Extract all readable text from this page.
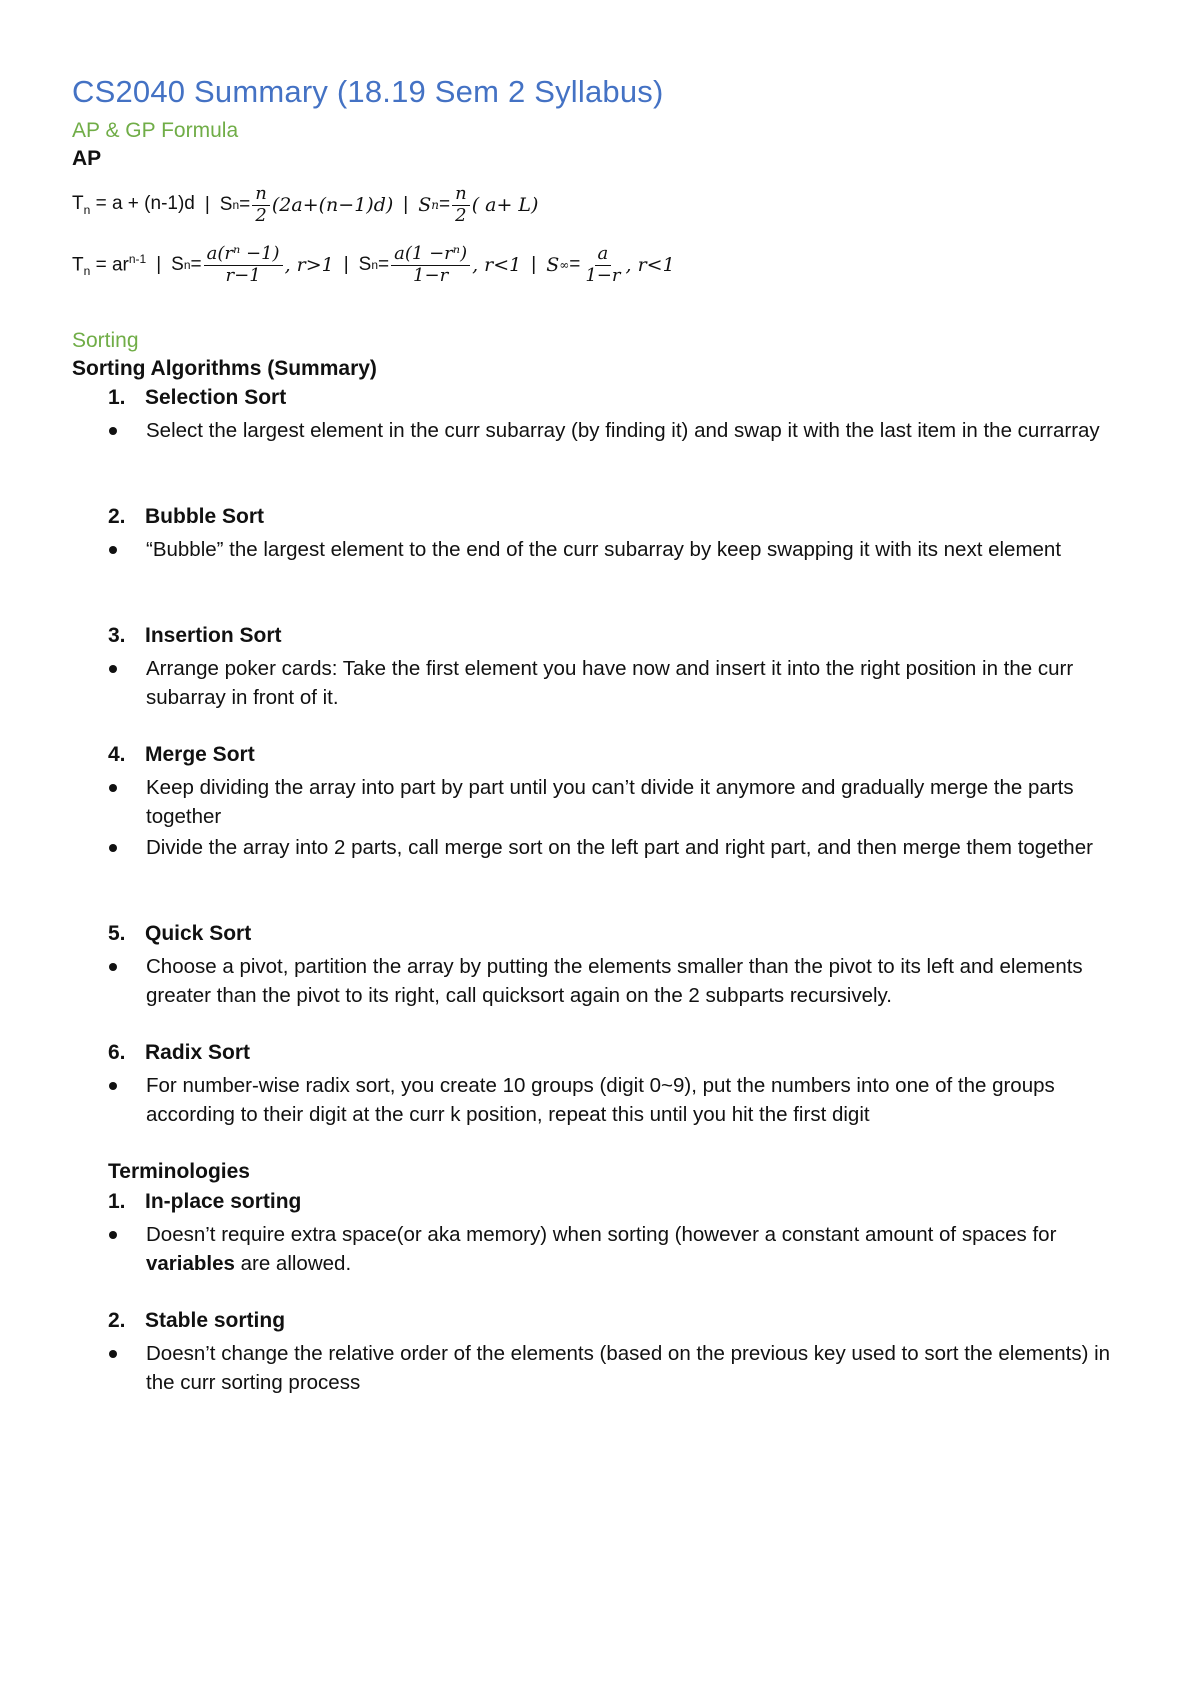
CS2040 Summary (18.19 Sem 2 Syllabus)
AP & GP Formula
AP
$T_n = a + (n-1)d$ | S $n = \frac{n}{2} (2a+(n-1)d)$ | S $n = \frac{n}{2}$ ( a+ L)
$T_n = ar^{n-1}$ | S $n = \frac{\text{a(rⁿ −1)}}{r-1}$ , r>1 | S $n = \frac{\text{a(1 −rⁿ)}}{1-r}$ , r<1 | S ∞ = $\frac{a}{1-r}$ , r<1
Sorting
Sorting Algorithms (Summary)
1. Selection Sort
Select the largest element in the curr subarray (by finding it) and swap it with the last item in the currarray
2. Bubble Sort
“Bubble” the largest element to the end of the curr subarray by keep swapping it with its next element
3. Insertion Sort
Arrange poker cards: Take the first element you have now and insert it into the right position in the curr subarray in front of it.
4. Merge Sort
Keep dividing the array into part by part until you can’t divide it anymore and gradually merge the parts together
Divide the array into 2 parts, call merge sort on the left part and right part, and then merge them together
5. Quick Sort
Choose a pivot, partition the array by putting the elements smaller than the pivot to its left and elements greater than the pivot to its right, call quicksort again on the 2 subparts recursively.
6. Radix Sort
For number-wise radix sort, you create 10 groups (digit 0~9), put the numbers into one of the groups according to their digit at the curr k position, repeat this until you hit the first digit
Terminologies
1. In-place sorting
Doesn’t require extra space(or aka memory) when sorting (however a constant amount of spaces for variables are allowed.
2. Stable sorting
Doesn’t change the relative order of the elements (based on the previous key used to sort the elements) in the curr sorting process
